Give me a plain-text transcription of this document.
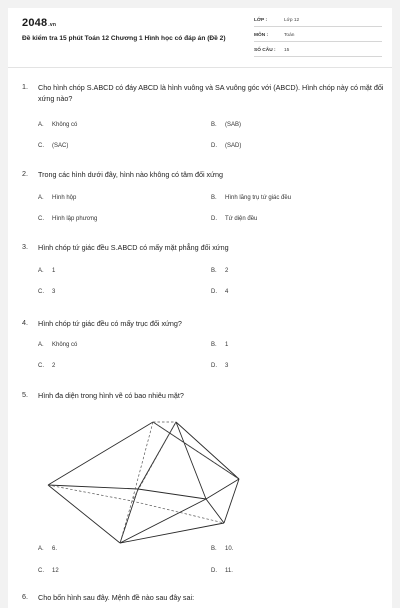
2048.vn
Đề kiểm tra 15 phút Toán 12 Chương 1 Hình học có đáp án (Đề 2)
LỚP :	Lớp 12
MÔN :	Toán
SỐ CÂU : 15
1. Cho hình chóp S.ABCD có đáy ABCD là hình vuông và SA vuông góc với (ABCD). Hình chóp này có mặt đối xứng nào?
A. Không có	B. (SAB)
C. (SAC)	D. (SAD)
2. Trong các hình dưới đây, hình nào không có tâm đối xứng
A. Hình hộp	B. Hình lăng trụ tứ giác đều
C. Hình lập phương	D. Tứ diện đều
3. Hình chóp tứ giác đều S.ABCD có mấy mặt phẳng đối xứng
A. 1	B. 2
C. 3	D. 4
4. Hình chóp tứ giác đều có mấy trục đối xứng?
A. Không có	B. 1
C. 2	D. 3
5. Hình đa diện trong hình vẽ có bao nhiêu mặt?
A. 6.	B. 10.
C. 12	D. 11.
6. Cho bốn hình sau đây. Mệnh đề nào sau đây sai:
